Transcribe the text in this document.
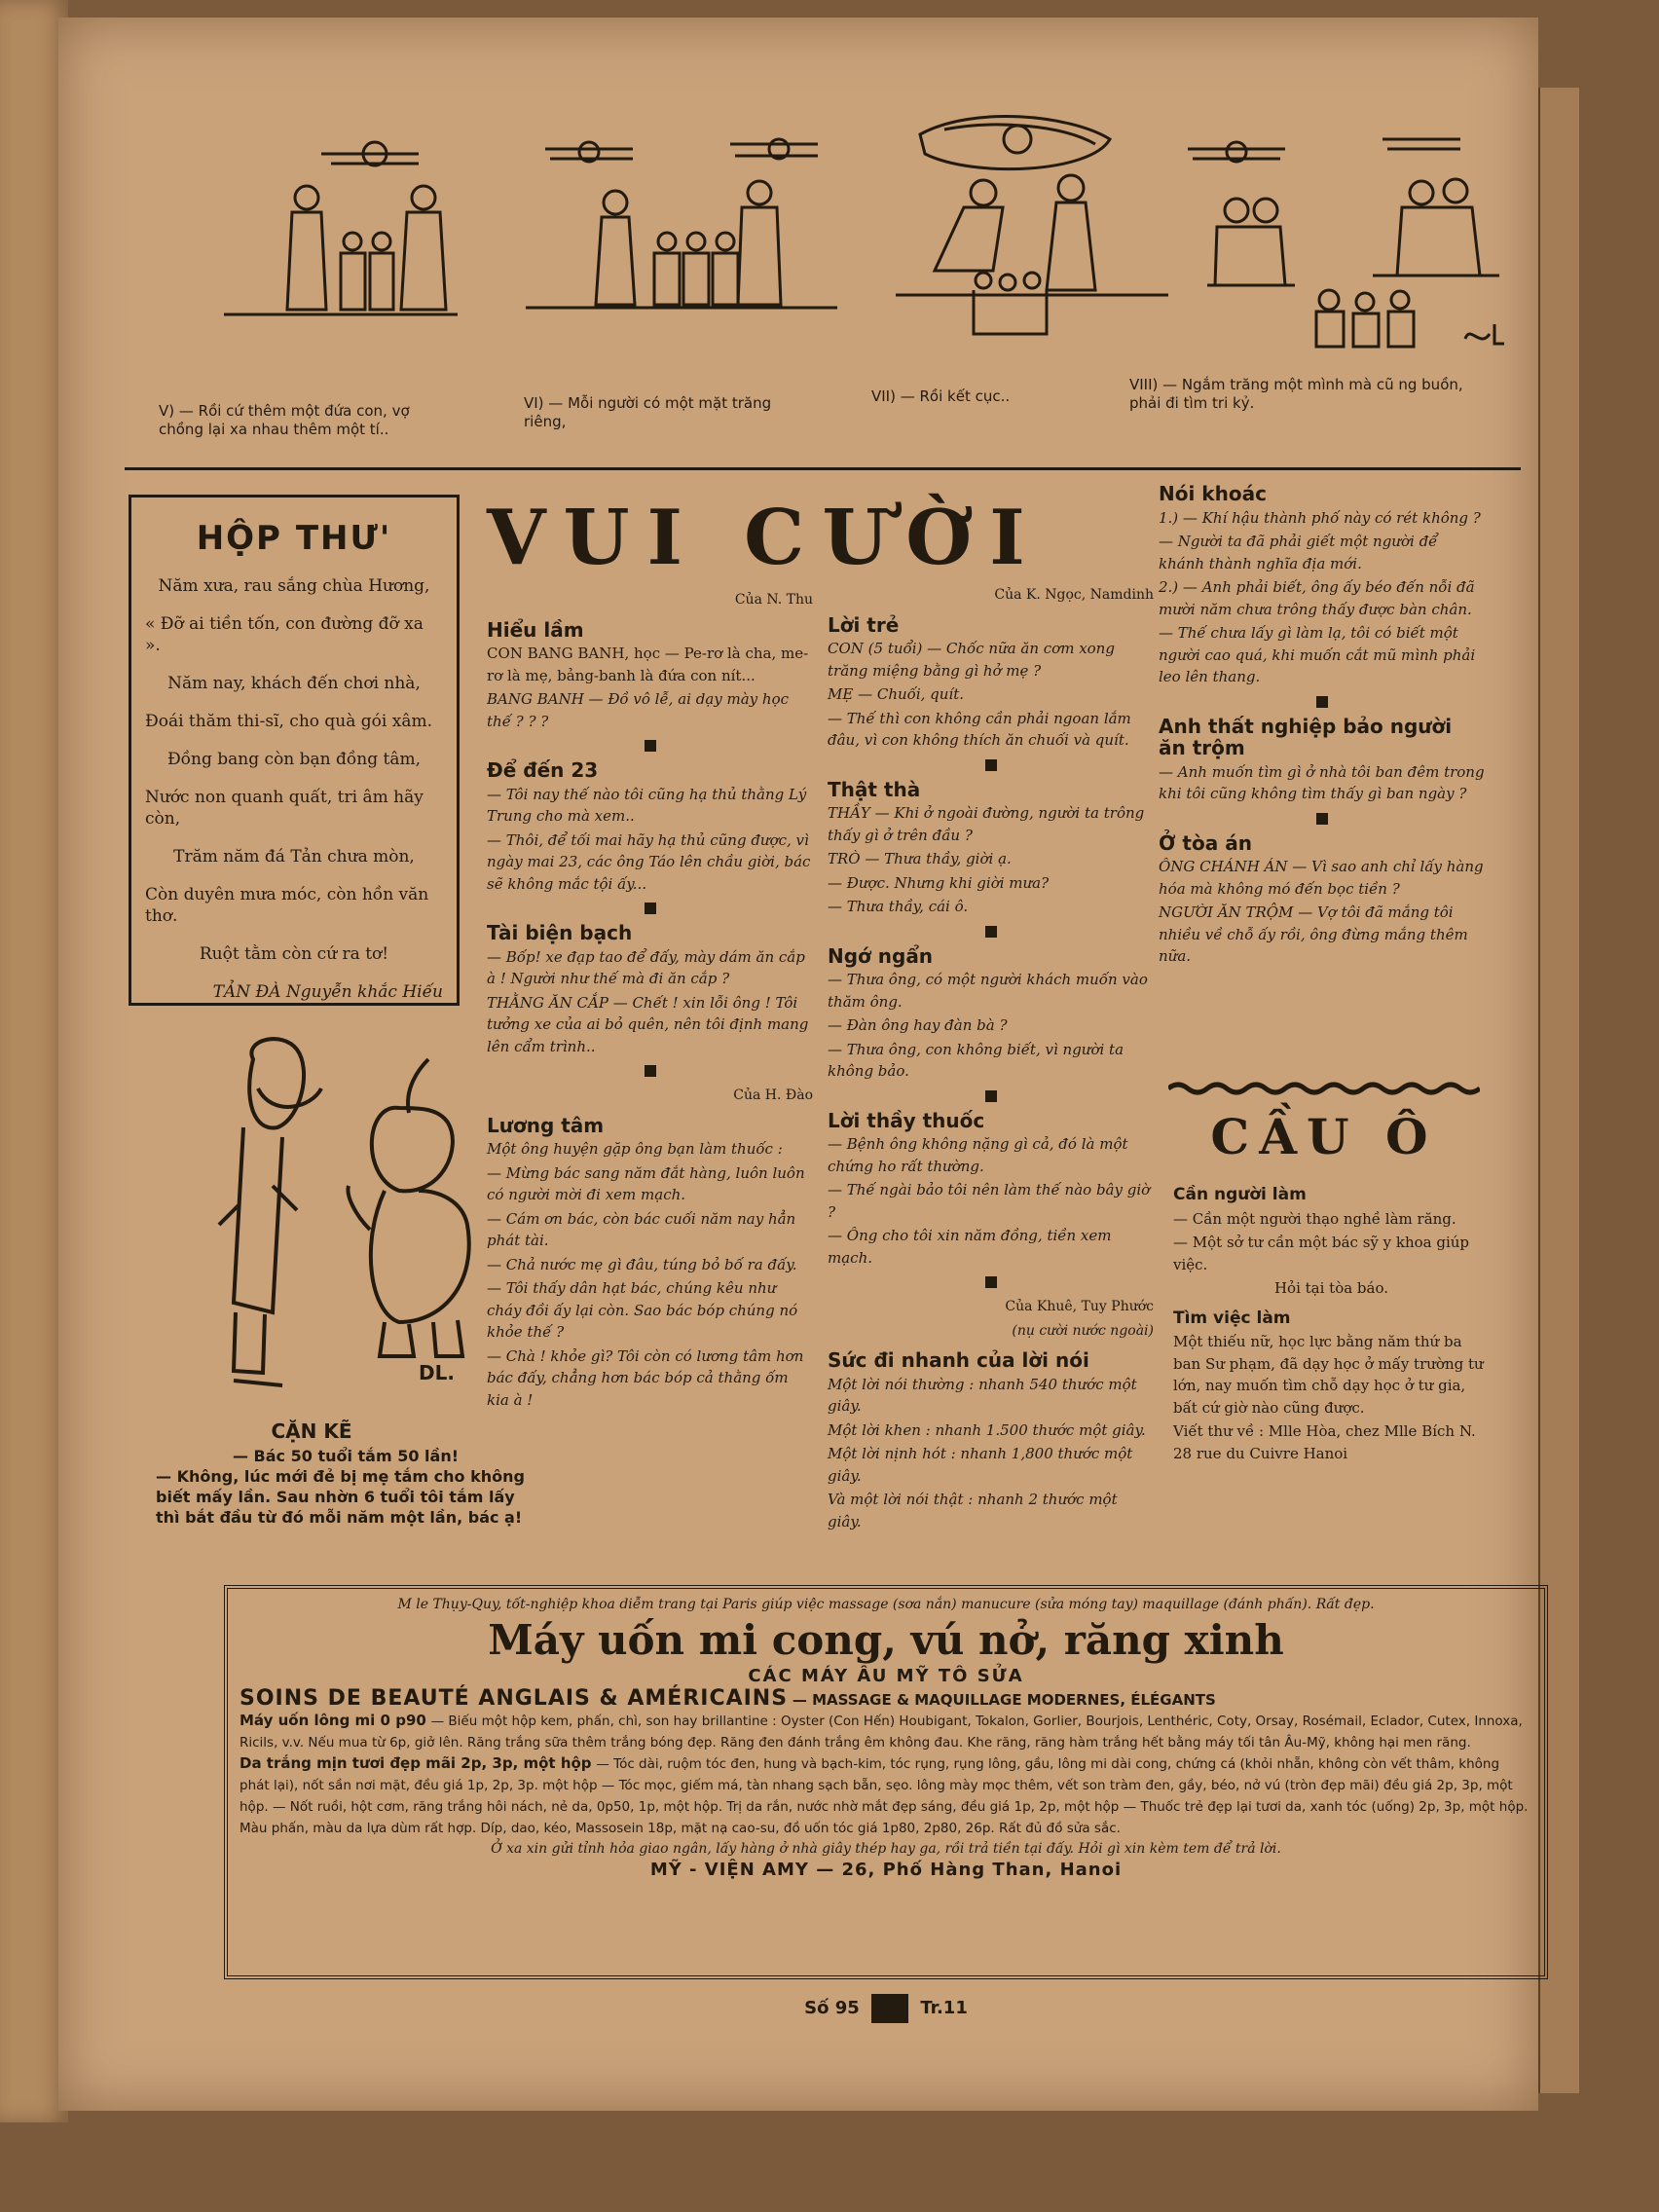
V) — Rồi cứ thêm một đứa con, vợ chồng lại xa nhau thêm một tí..
VI) — Mỗi người có một mặt trăng riêng,
VII) — Rồi kết cục..
VIII) — Ngắm trăng một mình mà cũ ng buồn, phải đi tìm tri kỷ.
HỘP THƯ'

Năm xưa, rau sắng chùa Hương,

« Đỡ ai tiền tốn, con đường đỡ xa ».

Năm nay, khách đến chơi nhà,

Đoái thăm thi-sĩ, cho quà gói xâm.

Đồng bang còn bạn đồng tâm,

Nước non quanh quất, tri âm hãy còn,

Trăm năm đá Tản chưa mòn,

Còn duyên mưa móc, còn hồn văn thơ.

Ruột tằm còn cứ ra tơ!

TẢN ĐÀ Nguyễn khắc Hiếu

DL.
CẶN KẼ
— Bác 50 tuổi tắm 50 lần!
— Không, lúc mới đẻ bị mẹ tắm cho không biết mấy lần. Sau nhờn 6 tuổi tôi tắm lấy thì bắt đầu từ đó mỗi năm một lần, bác ạ!
VUI CƯỜI
Của N. Thu
Hiểu lầm

CON BANG BANH, học — Pe-rơ là cha, me-rơ là mẹ, bảng-banh là đứa con nít...

BANG BANH — Đồ vô lễ, ai dạy mày học thế ? ? ?

Để đến 23

— Tôi nay thế nào tôi cũng hạ thủ thằng Lý Trung cho mà xem..

— Thôi, để tối mai hãy hạ thủ cũng được, vì ngày mai 23, các ông Táo lên chầu giời, bác sẽ không mắc tội ấy...

Tài biện bạch

— Bốp! xe đạp tao để đấy, mày dám ăn cắp à ! Người như thế mà đi ăn cắp ?

THẰNG ĂN CẮP — Chết ! xin lỗi ông ! Tôi tưởng xe của ai bỏ quên, nên tôi định mang lên cẩm trình..

Của H. Đào
Lương tâm

Một ông huyện gặp ông bạn làm thuốc :

— Mừng bác sang năm đắt hàng, luôn luôn có người mời đi xem mạch.

— Cám ơn bác, còn bác cuối năm nay hẳn phát tài.

— Chả nước mẹ gì đâu, túng bỏ bố ra đấy.

— Tôi thấy dân hạt bác, chúng kêu như cháy đồi ấy lại còn. Sao bác bóp chúng nó khỏe thế ?

— Chà ! khỏe gì? Tôi còn có lương tâm hơn bác đấy, chẳng hơn bác bóp cả thằng ốm kia à !

Của K. Ngọc, Namdinh
Lời trẻ

CON (5 tuổi) — Chốc nữa ăn cơm xong trăng miệng bằng gì hở mẹ ?

MẸ — Chuối, quít.

— Thế thì con không cần phải ngoan lắm đâu, vì con không thích ăn chuối và quít.

Thật thà

THẦY — Khi ở ngoài đường, người ta trông thấy gì ở trên đầu ?

TRÒ — Thưa thầy, giời ạ.

— Được. Nhưng khi giời mưa?

— Thưa thầy, cái ô.

Ngớ ngẩn

— Thưa ông, có một người khách muốn vào thăm ông.

— Đàn ông hay đàn bà ?

— Thưa ông, con không biết, vì người ta không bảo.

Lời thầy thuốc

— Bệnh ông không nặng gì cả, đó là một chứng ho rất thường.

— Thế ngài bảo tôi nên làm thế nào bây giờ ?

— Ông cho tôi xin năm đồng, tiền xem mạch.

Của Khuê, Tuy Phước
(nụ cười nước ngoài)
Sức đi nhanh của lời nói

Một lời nói thường : nhanh 540 thước một giây.

Một lời khen : nhanh 1.500 thước một giây.

Một lời nịnh hót : nhanh 1,800 thước một giây.

Và một lời nói thật : nhanh 2 thước một giây.

Nói khoác

1.) — Khí hậu thành phố này có rét không ?

— Người ta đã phải giết một người để khánh thành nghĩa địa mới.

2.) — Anh phải biết, ông ấy béo đến nỗi đã mười năm chưa trông thấy được bàn chân.

— Thế chưa lấy gì làm lạ, tôi có biết một người cao quá, khi muốn cắt mũ mình phải leo lên thang.

Anh thất nghiệp bảo người ăn trộm

— Anh muốn tìm gì ở nhà tôi ban đêm trong khi tôi cũng không tìm thấy gì ban ngày ?

Ở tòa án

ÔNG CHÁNH ÁN — Vì sao anh chỉ lấy hàng hóa mà không mó đến bọc tiền ?

NGƯỜI ĂN TRỘM — Vợ tôi đã mắng tôi nhiều về chỗ ấy rồi, ông đừng mắng thêm nữa.

CẦU Ô
Cần người làm

— Cần một người thạo nghề làm răng.

— Một sở tư cần một bác sỹ y khoa giúp việc.

Hỏi tại tòa báo.

Tìm việc làm

Một thiếu nữ, học lực bằng năm thứ ba ban Sư phạm, đã dạy học ở mấy trường tư lớn, nay muốn tìm chỗ dạy học ở tư gia, bất cứ giờ nào cũng được.

Viết thư về : Mlle Hòa, chez Mlle Bích N. 28 rue du Cuivre Hanoi

M le Thụy-Quy, tốt-nghiệp khoa diễm trang tại Paris giúp việc massage (sơa nắn) manucure (sửa móng tay) maquillage (đánh phấn). Rất đẹp.

Máy uốn mi cong, vú nở, răng xinh

CÁC MÁY ÂU MỸ TÔ SỬA

SOINS DE BEAUTÉ ANGLAIS & AMÉRICAINS — MASSAGE & MAQUILLAGE MODERNES, ÉLÉGANTS

Máy uốn lông mi 0 p90 — Biếu một hộp kem, phấn, chì, son hay brillantine : Oyster (Con Hến) Houbigant, Tokalon, Gorlier, Bourjois, Lenthéric, Coty, Orsay, Rosémail, Eclador, Cutex, Innoxa, Ricils, v.v. Nếu mua từ 6p, giở lên. Răng trắng sữa thêm trắng bóng đẹp. Răng đen đánh trắng êm không đau. Khe răng, răng hàm trắng hết bằng máy tối tân Âu-Mỹ, không hại men răng.

Da trắng mịn tươi đẹp mãi 2p, 3p, một hộp — Tóc dài, ruộm tóc đen, hung và bạch-kim, tóc rụng, rụng lông, gầu, lông mi dài cong, chứng cá (khỏi nhẵn, không còn vết thâm, không phát lại), nốt sần nơi mặt, đều giá 1p, 2p, 3p. một hộp — Tóc mọc, giếm má, tàn nhang sạch bẵn, sẹo. lông mày mọc thêm, vết son tràm đen, gầy, béo, nở vú (tròn đẹp mãi) đều giá 2p, 3p, một hộp. — Nốt ruồi, hột cơm, răng trắng hôi nách, nẻ da, 0p50, 1p, một hộp. Trị da rắn, nước nhờ mắt đẹp sáng, đều giá 1p, 2p, một hộp — Thuốc trẻ đẹp lại tươi da, xanh tóc (uống) 2p, 3p, một hộp. Màu phấn, màu da lựa dùm rất hợp. Díp, dao, kéo, Massosein 18p, mặt nạ cao-su, đồ uốn tóc giá 1p80, 2p80, 26p. Rất đủ đồ sửa sắc.

Ở xa xin gửi tỉnh hỏa giao ngân, lấy hàng ở nhà giây thép hay ga, rồi trả tiền tại đấy. Hỏi gì xin kèm tem để trả lời.

MỸ - VIỆN AMY — 26, Phố Hàng Than, Hanoi

Số 95	Tr.11
